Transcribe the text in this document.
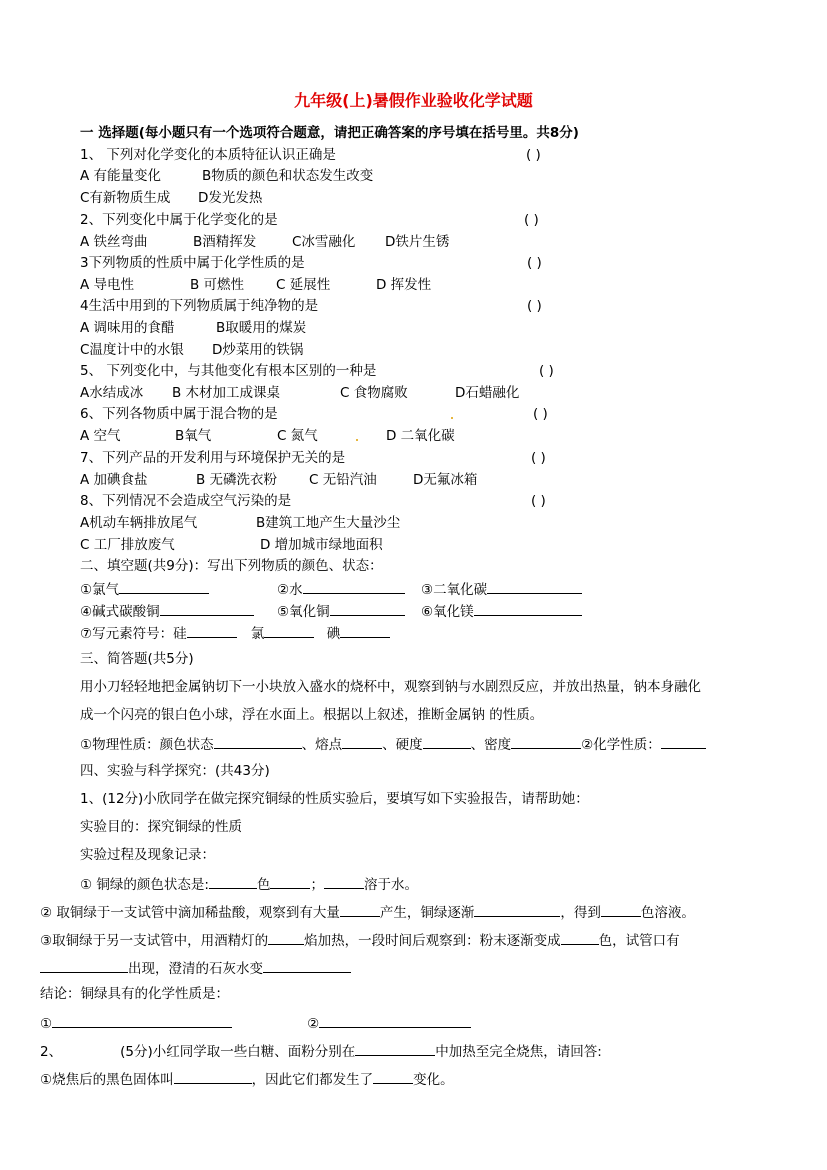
九年级(上)暑假作业验收化学试题
一 选择题(每小题只有一个选项符合题意，请把正确答案的序号填在括号里。共8分)
1、 下列对化学变化的本质特征认识正确是	( )
A 有能量变化	B物质的颜色和状态发生改变
C有新物质生成 D发光发热
2、下列变化中属于化学变化的是	( )
A 铁丝弯曲	B酒精挥发	C冰雪融化 D铁片生锈
3下列物质的性质中属于化学性质的是	( )
A 导电性	B 可燃性 C 延展性	D 挥发性
4生活中用到的下列物质属于纯净物的是	( )
A 调味用的食醋	B取暖用的煤炭
C温度计中的水银 D炒菜用的铁锅
5、 下列变化中，与其他变化有根本区别的一种是	( )
A水结成冰 B 木材加工成课桌	C 食物腐败	D石蜡融化
6、下列各物质中属于混合物的是	( )
A 空气	B氧气	C 氮气	D 二氧化碳
7、下列产品的开发利用与环境保护无关的是	( )
A 加碘食盐	B 无磷洗衣粉 C 无铅汽油	D无氟冰箱
8、下列情况不会造成空气污染的是	( )
A机动车辆排放尾气	B建筑工地产生大量沙尘
C 工厂排放废气	D 增加城市绿地面积
二、填空题(共9分)：写出下列物质的颜色、状态：
①氯气	②水	③二氧化碳
④碱式碳酸铜	⑤氧化铜	⑥氧化镁
⑦写元素符号：硅	氯	碘
三、简答题(共5分)
用小刀轻轻地把金属钠切下一小块放入盛水的烧杯中，观察到钠与水剧烈反应，并放出热量，钠本身融化
成一个闪亮的银白色小球，浮在水面上。根据以上叙述，推断金属钠 的性质。
①物理性质：颜色状态	、熔点	、硬度	、密度	②化学性质：
四、实验与科学探究：(共43分)
1、(12分)小欣同学在做完探究铜绿的性质实验后，要填写如下实验报告，请帮助她：
实验目的：探究铜绿的性质
实验过程及现象记录：
① 铜绿的颜色状态是:	色	；	溶于水。
② 取铜绿于一支试管中滴加稀盐酸，观察到有大量	产生，铜绿逐渐	，得到	色溶液。
③取铜绿于另一支试管中，用酒精灯的	焰加热，一段时间后观察到：粉末逐渐变成	色，试管口有
出现，澄清的石灰水变
结论：铜绿具有的化学性质是：
①	②
2、	(5分)小红同学取一些白糖、面粉分别在	中加热至完全烧焦，请回答:
①烧焦后的黑色固体叫	，因此它们都发生了	变化。
